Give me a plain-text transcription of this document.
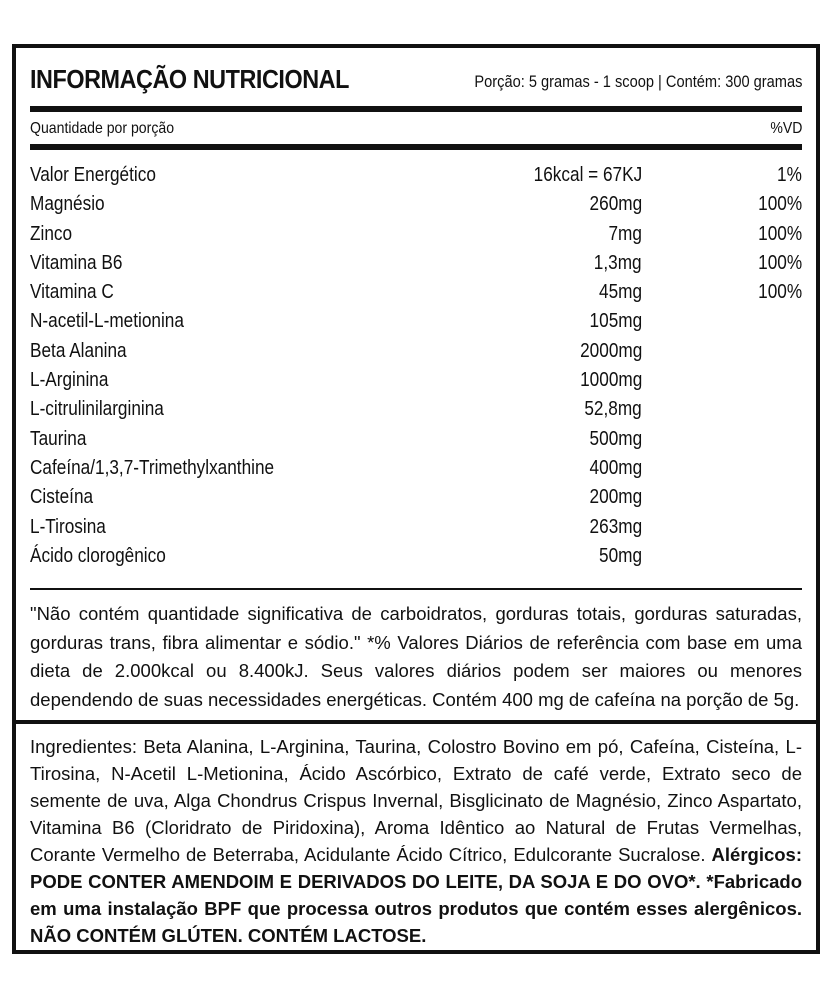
INFORMAÇÃO NUTRICIONAL	Porção: 5 gramas - 1 scoop | Contém: 300 gramas
Quantidade por porção	%VD
Valor Energético	16kcal = 67KJ	1%
Magnésio	260mg	100%
Zinco	7mg	100%
Vitamina B6	1,3mg	100%
Vitamina C	45mg	100%
N-acetil-L-metionina	105mg
Beta Alanina	2000mg
L-Arginina	1000mg
L-citrulinilarginina	52,8mg
Taurina	500mg
Cafeína/1,3,7-Trimethylxanthine	400mg
Cisteína	200mg
L-Tirosina	263mg
Ácido clorogênico	50mg
"Não contém quantidade significativa de carboidratos, gorduras totais, gorduras saturadas, gorduras trans, fibra alimentar e sódio." *% Valores Diários de referência com base em uma dieta de 2.000kcal ou 8.400kJ. Seus valores diários podem ser maiores ou menores dependendo de suas necessidades energéticas. Contém 400 mg de cafeína na porção de 5g.
Ingredientes: Beta Alanina, L-Arginina, Taurina, Colostro Bovino em pó, Cafeína, Cisteína, L-Tirosina, N-Acetil L-Metionina, Ácido Ascórbico, Extrato de café verde, Extrato seco de semente de uva, Alga Chondrus Crispus Invernal, Bisglicinato de Magnésio, Zinco Aspartato, Vitamina B6 (Cloridrato de Piridoxina), Aroma Idêntico ao Natural de Frutas Vermelhas, Corante Vermelho de Beterraba, Acidulante Ácido Cítrico, Edulcorante Sucralose. Alérgicos: PODE CONTER AMENDOIM E DERIVADOS DO LEITE, DA SOJA E DO OVO*. *Fabricado em uma instalação BPF que processa outros produtos que contém esses alergênicos. NÃO CONTÉM GLÚTEN. CONTÉM LACTOSE.
